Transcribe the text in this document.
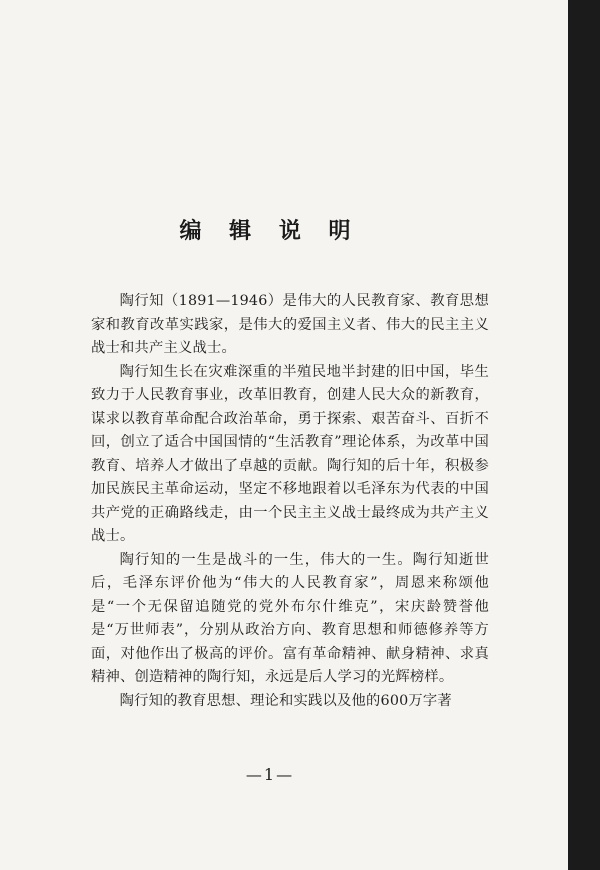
编 辑 说 明

陶行知（1891—1946）是伟大的人民教育家、教育思想家和教育改革实践家，是伟大的爱国主义者、伟大的民主主义战士和共产主义战士。

陶行知生长在灾难深重的半殖民地半封建的旧中国，毕生致力于人民教育事业，改革旧教育，创建人民大众的新教育，谋求以教育革命配合政治革命，勇于探索、艰苦奋斗、百折不回，创立了适合中国国情的“生活教育”理论体系，为改革中国教育、培养人才做出了卓越的贡献。陶行知的后十年，积极参加民族民主革命运动，坚定不移地跟着以毛泽东为代表的中国共产党的正确路线走，由一个民主主义战士最终成为共产主义战士。

陶行知的一生是战斗的一生，伟大的一生。陶行知逝世后，毛泽东评价他为“伟大的人民教育家”，周恩来称颂他是“一个无保留追随党的党外布尔什维克”，宋庆龄赞誉他是“万世师表”，分别从政治方向、教育思想和师德修养等方面，对他作出了极高的评价。富有革命精神、献身精神、求真精神、创造精神的陶行知，永远是后人学习的光辉榜样。

陶行知的教育思想、理论和实践以及他的600万字著

—1—
